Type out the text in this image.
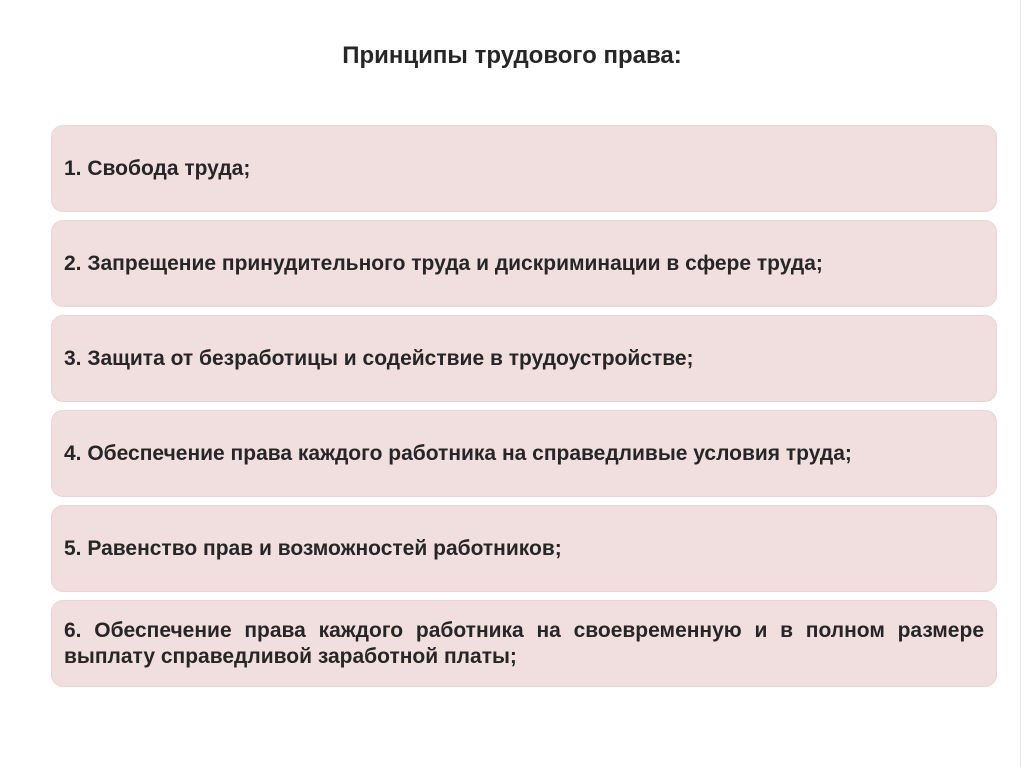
Принципы трудового права:
1. Свобода труда;
2. Запрещение принудительного труда и дискриминации в сфере труда;
3. Защита от безработицы и содействие в трудоустройстве;
4. Обеспечение права каждого работника на справедливые условия труда;
5. Равенство прав и возможностей работников;
6. Обеспечение права каждого работника на своевременную и в полном размере выплату справедливой заработной платы;
